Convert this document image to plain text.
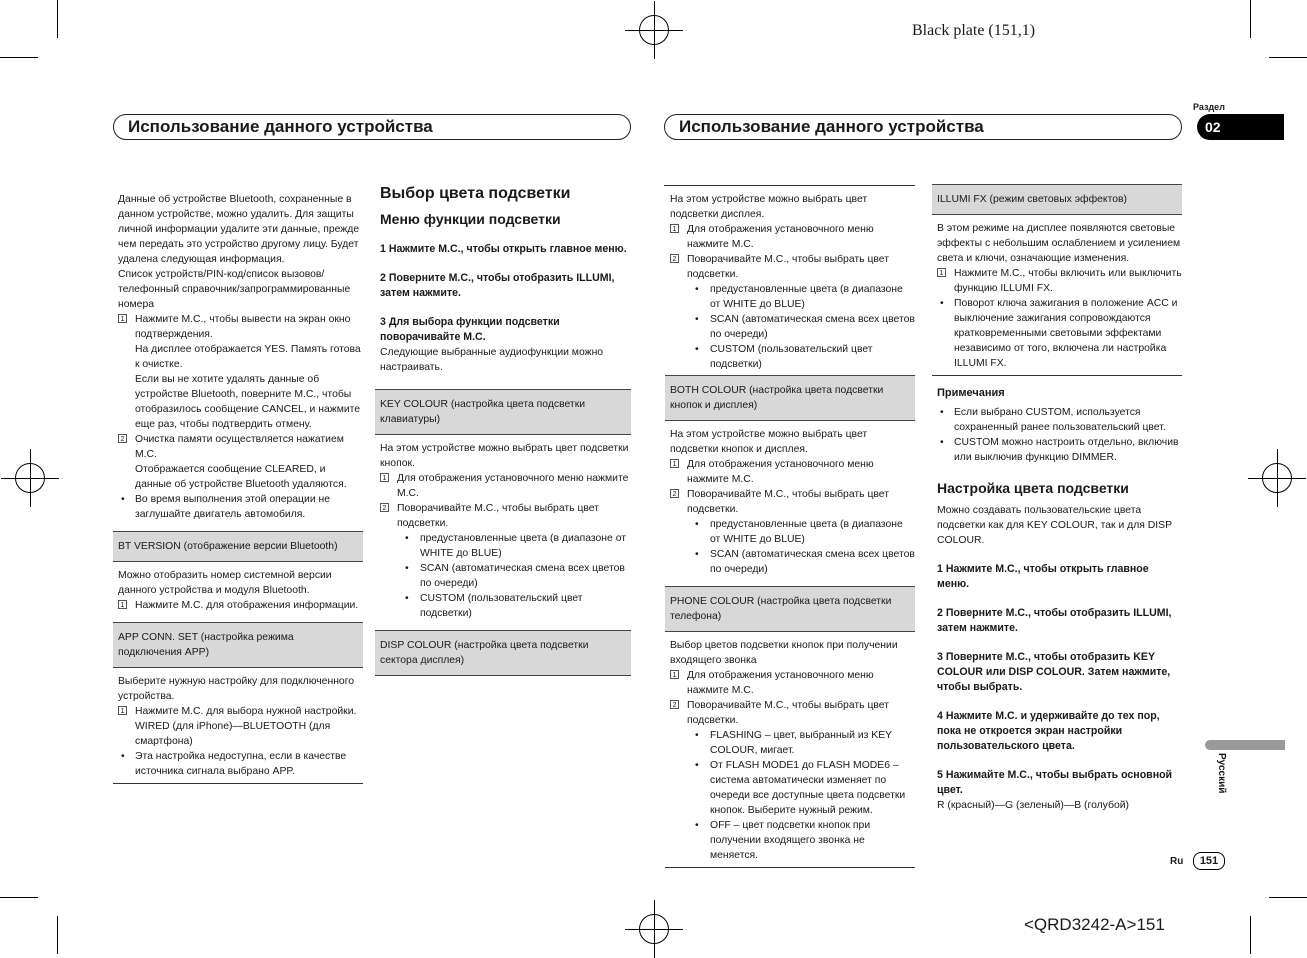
Black plate (151,1)
<QRD3242-A>151
Использование данного устройства	Использование данного устройства
Раздел
02

Данные об устройстве Bluetooth, сохраненные в данном устройстве, можно удалить. Для защиты личной информации удалите эти данные, прежде чем передать это устройство другому лицу. Будет удалена следующая информация.

Список устройств/PIN-код/список вызовов/телефонный справочник/запрограммированные номера

1 Нажмите M.C., чтобы вывести на экран окно подтверждения.

На дисплее отображается YES. Память готова к очистке.

Если вы не хотите удалять данные об устройстве Bluetooth, поверните M.C., чтобы отобразилось сообщение CANCEL, и нажмите еще раз, чтобы подтвердить отмену.

2 Очистка памяти осуществляется нажатием M.C.

Отображается сообщение CLEARED, и данные об устройстве Bluetooth удаляются.

• Во время выполнения этой операции не заглушайте двигатель автомобиля.

BT VERSION (отображение версии Bluetooth)

Можно отобразить номер системной версии данного устройства и модуля Bluetooth.

1 Нажмите M.C. для отображения информации.

APP CONN. SET (настройка режима подключения APP)

Выберите нужную настройку для подключенного устройства.

1 Нажмите M.C. для выбора нужной настройки.

WIRED (для iPhone)—BLUETOOTH (для смартфона)

• Эта настройка недоступна, если в качестве источника сигнала выбрано APP.

Выбор цвета подсветки
Меню функции подсветки

1 Нажмите M.C., чтобы открыть главное меню.

2 Поверните M.C., чтобы отобразить ILLUMI, затем нажмите.

3 Для выбора функции подсветки поворачивайте M.C.

Следующие выбранные аудиофункции можно настраивать.

KEY COLOUR (настройка цвета подсветки клавиатуры)

На этом устройстве можно выбрать цвет подсветки кнопок.

1 Для отображения установочного меню нажмите M.C.

2 Поворачивайте M.C., чтобы выбрать цвет подсветки.

• предустановленные цвета (в диапазоне от WHITE до BLUE)

• SCAN (автоматическая смена всех цветов по очереди)

• CUSTOM (пользовательский цвет подсветки)

DISP COLOUR (настройка цвета подсветки сектора дисплея)

На этом устройстве можно выбрать цвет подсветки дисплея.

1 Для отображения установочного меню нажмите M.C.

2 Поворачивайте M.C., чтобы выбрать цвет подсветки.

• предустановленные цвета (в диапазоне от WHITE до BLUE)

• SCAN (автоматическая смена всех цветов по очереди)

• CUSTOM (пользовательский цвет подсветки)

BOTH COLOUR (настройка цвета подсветки кнопок и дисплея)

На этом устройстве можно выбрать цвет подсветки кнопок и дисплея.

1 Для отображения установочного меню нажмите M.C.

2 Поворачивайте M.C., чтобы выбрать цвет подсветки.

• предустановленные цвета (в диапазоне от WHITE до BLUE)

• SCAN (автоматическая смена всех цветов по очереди)

PHONE COLOUR (настройка цвета подсветки телефона)

Выбор цветов подсветки кнопок при получении входящего звонка

1 Для отображения установочного меню нажмите M.C.

2 Поворачивайте M.C., чтобы выбрать цвет подсветки.

• FLASHING – цвет, выбранный из KEY COLOUR, мигает.

• От FLASH MODE1 до FLASH MODE6 – система автоматически изменяет по очереди все доступные цвета подсветки кнопок. Выберите нужный режим.

• OFF – цвет подсветки кнопок при получении входящего звонка не меняется.

ILLUMI FX (режим световых эффектов)

В этом режиме на дисплее появляются световые эффекты с небольшим ослаблением и усилением света и ключи, означающие изменения.

1 Нажмите M.C., чтобы включить или выключить функцию ILLUMI FX.

• Поворот ключа зажигания в положение ACC и выключение зажигания сопровождаются кратковременными световыми эффектами независимо от того, включена ли настройка ILLUMI FX.

Примечания

• Если выбрано CUSTOM, используется сохраненный ранее пользовательский цвет.

• CUSTOM можно настроить отдельно, включив или выключив функцию DIMMER.

Настройка цвета подсветки

Можно создавать пользовательские цвета подсветки как для KEY COLOUR, так и для DISP COLOUR.

1 Нажмите M.C., чтобы открыть главное меню.

2 Поверните M.C., чтобы отобразить ILLUMI, затем нажмите.

3 Поверните M.C., чтобы отобразить KEY COLOUR или DISP COLOUR. Затем нажмите, чтобы выбрать.

4 Нажмите M.C. и удерживайте до тех пор, пока не откроется экран настройки пользовательского цвета.

5 Нажимайте M.C., чтобы выбрать основной цвет.

R (красный)—G (зеленый)—B (голубой)

Русский
Ru	151
